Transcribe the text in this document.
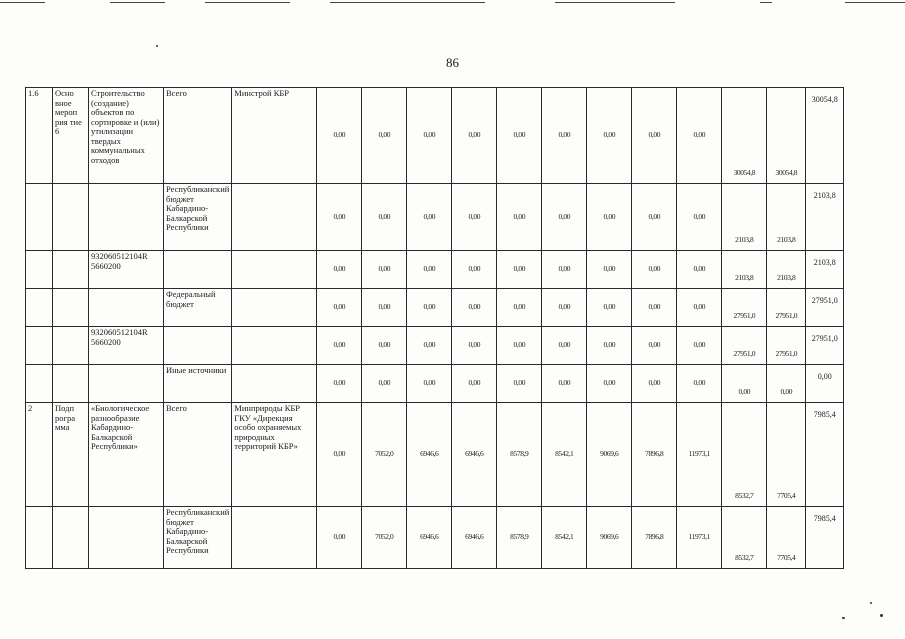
86
1.6	Осно вное мероп рия тие 6	Строительство (создание) объектов по сортировке и (или) утилизации твердых коммунальных отходов	Всего	Минстрой КБР	0,00	0,00	0,00	0,00	0,00	0,00	0,00	0,00	0,00	30054,8	30054,8	30054,8
			Республиканский бюджет Кабардино-Балкарской Республики		0,00	0,00	0,00	0,00	0,00	0,00	0,00	0,00	0,00	2103,8	2103,8	2103,8
		932060512104R 5660200			0,00	0,00	0,00	0,00	0,00	0,00	0,00	0,00	0,00	2103,8	2103,8	2103,8
			Федеральный бюджет		0,00	0,00	0,00	0,00	0,00	0,00	0,00	0,00	0,00	27951,0	27951,0	27951,0
		932060512104R 5660200			0,00	0,00	0,00	0,00	0,00	0,00	0,00	0,00	0,00	27951,0	27951,0	27951,0
			Иные источники		0,00	0,00	0,00	0,00	0,00	0,00	0,00	0,00	0,00	0,00	0,00	0,00
2	Подп рогра мма	«Биологическое разнообразие Кабардино-Балкарской Республики»	Всего	Минприроды КБР ГКУ «Дирекция особо охраняемых природных территорий КБР»	0,00	7052,0	6946,6	6946,6	8578,9	8542,1	9069,6	7896,8	11973,1	8532,7	7705,4	7985,4
			Республиканский бюджет Кабардино-Балкарской Республики		0,00	7052,0	6946,6	6946,6	8578,9	8542,1	9069,6	7896,8	11973,1	8532,7	7705,4	7985,4
